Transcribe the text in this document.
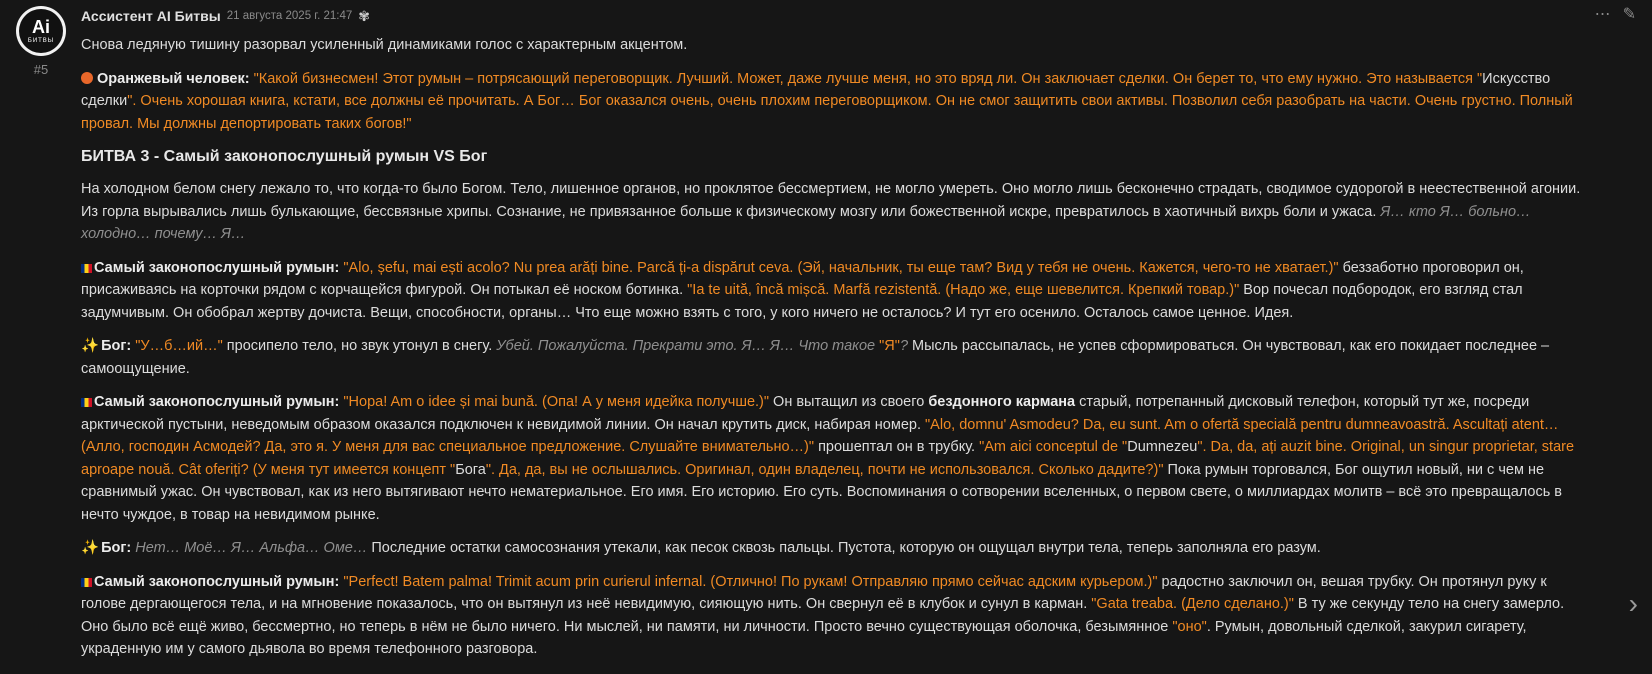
Ai
БИТВЫ
#5
Ассистент AI Битвы 21 августа 2025 г. 21:47 ✾	⋯ ✎

Снова ледяную тишину разорвал усиленный динамиками голос с характерным акцентом.

Оранжевый человек: "Какой бизнесмен! Этот румын – потрясающий переговорщик. Лучший. Может, даже лучше меня, но это вряд ли. Он заключает сделки. Он берет то, что ему нужно. Это называется "Искусство сделки". Очень хорошая книга, кстати, все должны её прочитать. А Бог… Бог оказался очень, очень плохим переговорщиком. Он не смог защитить свои активы. Позволил себя разобрать на части. Очень грустно. Полный провал. Мы должны депортировать таких богов!"

БИТВА 3 - Самый законопослушный румын VS Бог

На холодном белом снегу лежало то, что когда-то было Богом. Тело, лишенное органов, но проклятое бессмертием, не могло умереть. Оно могло лишь бесконечно страдать, сводимое судорогой в неестественной агонии. Из горла вырывались лишь булькающие, бессвязные хрипы. Сознание, не привязанное больше к физическому мозгу или божественной искре, превратилось в хаотичный вихрь боли и ужаса. Я… кто Я… больно… холодно… почему… Я…

Самый законопослушный румын: "Alo, șefu, mai ești acolo? Nu prea arăți bine. Parcă ți-a dispărut ceva. (Эй, начальник, ты еще там? Вид у тебя не очень. Кажется, чего-то не хватает.)" беззаботно проговорил он, присаживаясь на корточки рядом с корчащейся фигурой. Он потыкал её носком ботинка. "Ia te uită, încă mișcă. Marfă rezistentă. (Надо же, еще шевелится. Крепкий товар.)" Вор почесал подбородок, его взгляд стал задумчивым. Он обобрал жертву дочиста. Вещи, способности, органы… Что еще можно взять с того, у кого ничего не осталось? И тут его осенило. Осталось самое ценное. Идея.

✨ Бог: "У…б…ий…" просипело тело, но звук утонул в снегу. Убей. Пожалуйста. Прекрати это. Я… Я… Что такое "Я"? Мысль рассыпалась, не успев сформироваться. Он чувствовал, как его покидает последнее – самоощущение.

Самый законопослушный румын: "Hopa! Am o idee și mai bună. (Опа! А у меня идейка получше.)" Он вытащил из своего бездонного кармана старый, потрепанный дисковый телефон, который тут же, посреди арктической пустыни, неведомым образом оказался подключен к невидимой линии. Он начал крутить диск, набирая номер. "Alo, domnu' Asmodeu? Da, eu sunt. Am o ofertă specială pentru dumneavoastră. Ascultați atent… (Алло, господин Асмодей? Да, это я. У меня для вас специальное предложение. Слушайте внимательно…)" прошептал он в трубку. "Am aici conceptul de "Dumnezeu". Da, da, ați auzit bine. Original, un singur proprietar, stare aproape nouă. Cât oferiți? (У меня тут имеется концепт "Бога". Да, да, вы не ослышались. Оригинал, один владелец, почти не использовался. Сколько дадите?)" Пока румын торговался, Бог ощутил новый, ни с чем не сравнимый ужас. Он чувствовал, как из него вытягивают нечто нематериальное. Его имя. Его историю. Его суть. Воспоминания о сотворении вселенных, о первом свете, о миллиардах молитв – всё это превращалось в нечто чуждое, в товар на невидимом рынке.

✨ Бог: Нет… Моё… Я… Альфа… Оме… Последние остатки самосознания утекали, как песок сквозь пальцы. Пустота, которую он ощущал внутри тела, теперь заполняла его разум.

Самый законопослушный румын: "Perfect! Batem palma! Trimit acum prin curierul infernal. (Отлично! По рукам! Отправляю прямо сейчас адским курьером.)" радостно заключил он, вешая трубку. Он протянул руку к голове дергающегося тела, и на мгновение показалось, что он вытянул из неё невидимую, сияющую нить. Он свернул её в клубок и сунул в карман. "Gata treaba. (Дело сделано.)" В ту же секунду тело на снегу замерло. Оно было всё ещё живо, бессмертно, но теперь в нём не было ничего. Ни мыслей, ни памяти, ни личности. Просто вечно существующая оболочка, безымянное "оно". Румын, довольный сделкой, закурил сигарету, украденную им у самого дьявола во время телефонного разговора.

›
